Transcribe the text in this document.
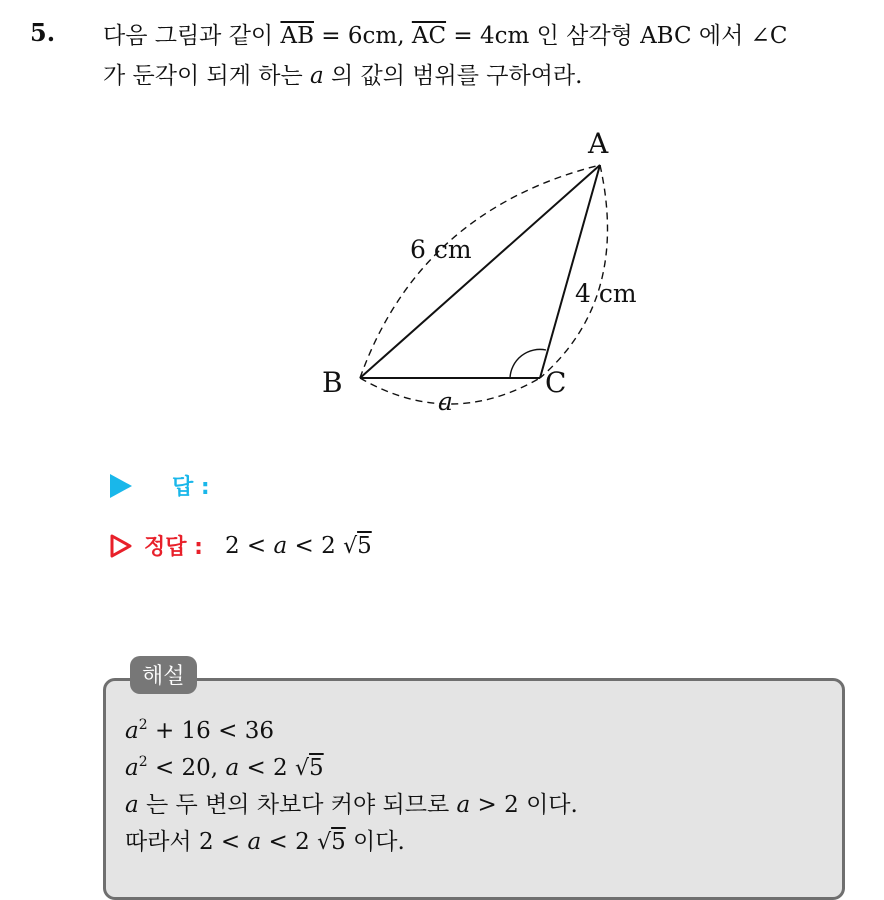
5. 다음 그림과 같이 $\overline{AB} = 6cm$, $\overline{AC} = 4cm$ 인 삼각형 ABC 에서 ∠C
가 둔각이 되게 하는 a 의 값의 범위를 구하여라.
A
B	C
6 cm
4 cm
a
답 :
정답 : 2 < a < 2 √5
해설
$a^2 + 16 < 36$
$a^2 < 20$, a < 2 √5
a 는 두 변의 차보다 커야 되므로 a > 2 이다.
따라서 2 < a < 2 √5 이다.
